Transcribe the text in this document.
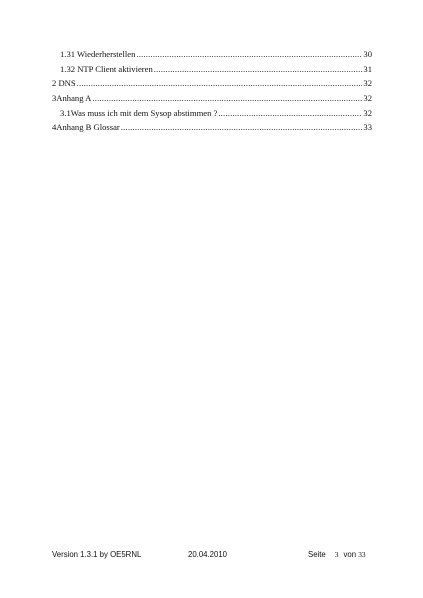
1.31 Wiederherstellen .....	30
1.32 NTP Client aktivieren .....	31
2 DNS .....	32
3Anhang A .....	32
3.1Was muss ich mit dem Sysop abstimmen ? .....	32
4Anhang B Glossar .....	33
Version 1.3.1 by OE5RNL	20.04.2010	Seite 3 von 33
